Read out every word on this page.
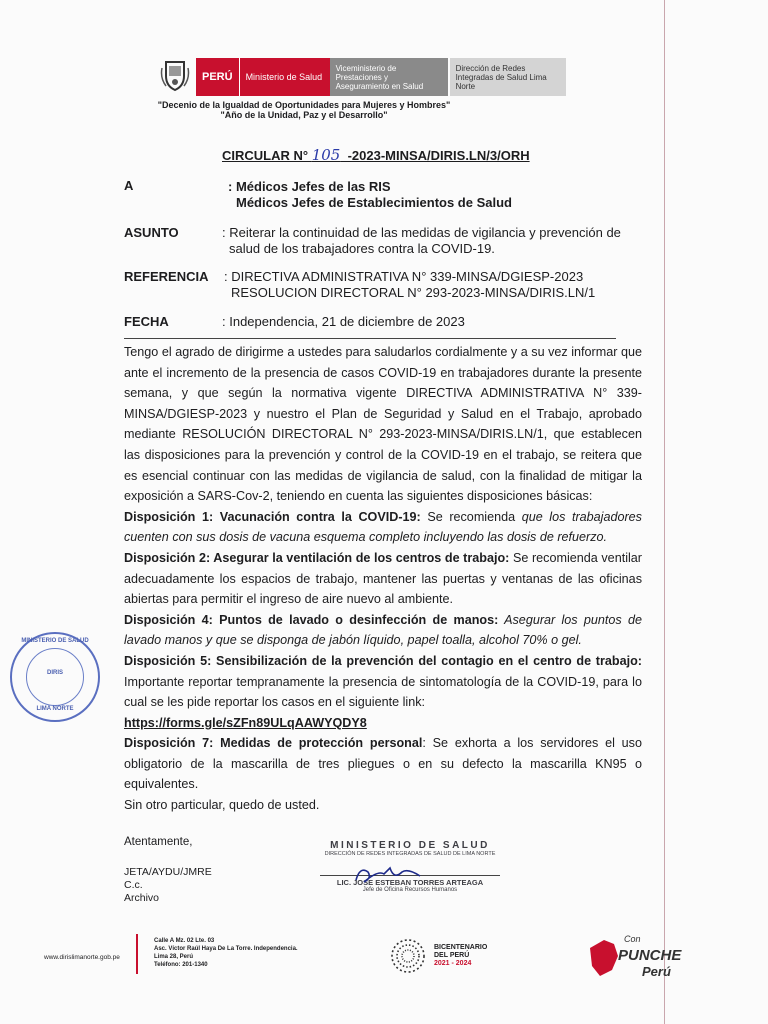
PERÚ	Ministerio de Salud
Viceministerio de Prestaciones y Aseguramiento en Salud
Dirección de Redes Integradas de Salud Lima Norte
"Decenio de la Igualdad de Oportunidades para Mujeres y Hombres"
"Año de la Unidad, Paz y el Desarrollo"
CIRCULAR N° 105  -2023-MINSA/DIRIS.LN/3/ORH
A	: Médicos Jefes de las RIS
Médicos Jefes de Establecimientos de Salud
ASUNTO	: Reiterar la continuidad de las medidas de vigilancia y prevención de
salud de los trabajadores contra la COVID-19.
REFERENCIA : DIRECTIVA ADMINISTRATIVA N° 339-MINSA/DGIESP-2023
RESOLUCION DIRECTORAL N° 293-2023-MINSA/DIRIS.LN/1
FECHA	: Independencia, 21 de diciembre de 2023

Tengo el agrado de dirigirme a ustedes para saludarlos cordialmente y a su vez informar que ante el incremento de la presencia de casos COVID-19 en trabajadores durante la presente semana, y que según la normativa vigente DIRECTIVA ADMINISTRATIVA N° 339-MINSA/DGIESP-2023 y nuestro el Plan de Seguridad y Salud en el Trabajo, aprobado mediante RESOLUCIÓN DIRECTORAL N° 293-2023-MINSA/DIRIS.LN/1, que establecen las disposiciones para la prevención y control de la COVID-19 en el trabajo, se reitera que es esencial continuar con las medidas de vigilancia de salud, con la finalidad de mitigar la exposición a SARS-Cov-2, teniendo en cuenta las siguientes disposiciones básicas:

Disposición 1: Vacunación contra la COVID-19: Se recomienda que los trabajadores cuenten con sus dosis de vacuna esquema completo incluyendo las dosis de refuerzo.

Disposición 2: Asegurar la ventilación de los centros de trabajo: Se recomienda ventilar adecuadamente los espacios de trabajo, mantener las puertas y ventanas de las oficinas abiertas para permitir el ingreso de aire nuevo al ambiente.

Disposición 4: Puntos de lavado o desinfección de manos: Asegurar los puntos de lavado manos y que se disponga de jabón líquido, papel toalla, alcohol 70% o gel.

Disposición 5: Sensibilización de la prevención del contagio en el centro de trabajo: Importante reportar tempranamente la presencia de sintomatología de la COVID-19, para lo cual se les pide reportar los casos en el siguiente link:
https://forms.gle/sZFn89ULqAAWYQDY8

Disposición 7: Medidas de protección personal: Se exhorta a los servidores el uso obligatorio de la mascarilla de tres pliegues o en su defecto la mascarilla KN95 o equivalentes.

Sin otro particular, quedo de usted.

Atentamente,
JETA/AYDU/JMRE
C.c.
Archivo
MINISTERIO DE SALUD
DIRECCIÓN DE REDES INTEGRADAS DE SALUD DE LIMA NORTE
LIC. JOSE ESTEBAN TORRES ARTEAGA
Jefe de Oficina Recursos Humanos
MINISTERIO DE SALUD
DIRIS
LIMA NORTE
www.dirislimanorte.gob.pe
Calle A Mz. 02 Lte. 03
Asc. Víctor Raúl Haya De La Torre. Independencia.
Lima 28, Perú
Teléfono: 201-1340
BICENTENARIO
DEL PERÚ
2021 - 2024
Con
PUNCHE
Perú
